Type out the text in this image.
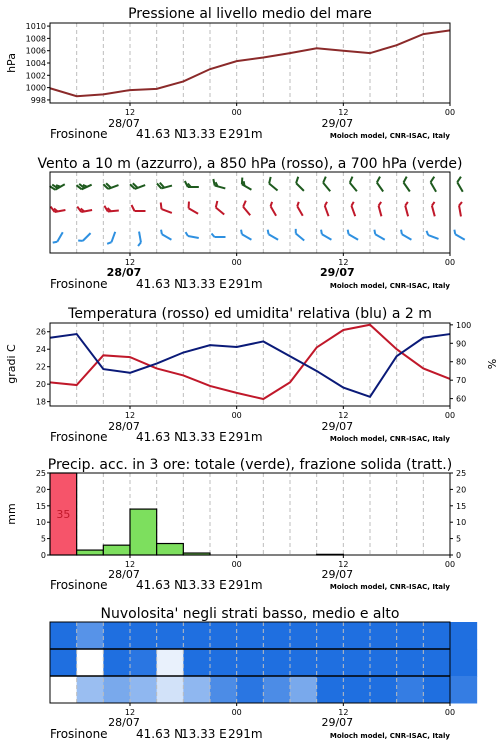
Pressione al livello medio del mare
998
1000
1002
1004
1006
1008
1010
hPa
12	00	12	00
28/07	29/07
Frosinone 41.63 N
13.33 E 291m	Moloch model, CNR-ISAC, Italy
Vento a 10 m (azzurro), a 850 hPa (rosso), a 700 hPa (verde)
12	00	12	00
28/07	29/07
Frosinone 41.63 N
13.33 E 291m	Moloch model, CNR-ISAC, Italy
Temperatura (rosso) ed umidita' relativa (blu) a 2 m
18
20
22
24
26
60
70
80
90
100
gradi C	%
12	00	12	00
28/07	29/07
Frosinone 41.63 N
13.33 E 291m	Moloch model, CNR-ISAC, Italy
Precip. acc. in 3 ore: totale (verde), frazione solida (tratt.)
0
5
10
15
20
25
0
5
10
15
20
25
35
mm
12	00	12	00
28/07	29/07
Frosinone 41.63 N
13.33 E 291m	Moloch model, CNR-ISAC, Italy
Nuvolosita' negli strati basso, medio e alto
12	00	12	00
28/07	29/07
Frosinone 41.63 N
13.33 E 291m	Moloch model, CNR-ISAC, Italy
